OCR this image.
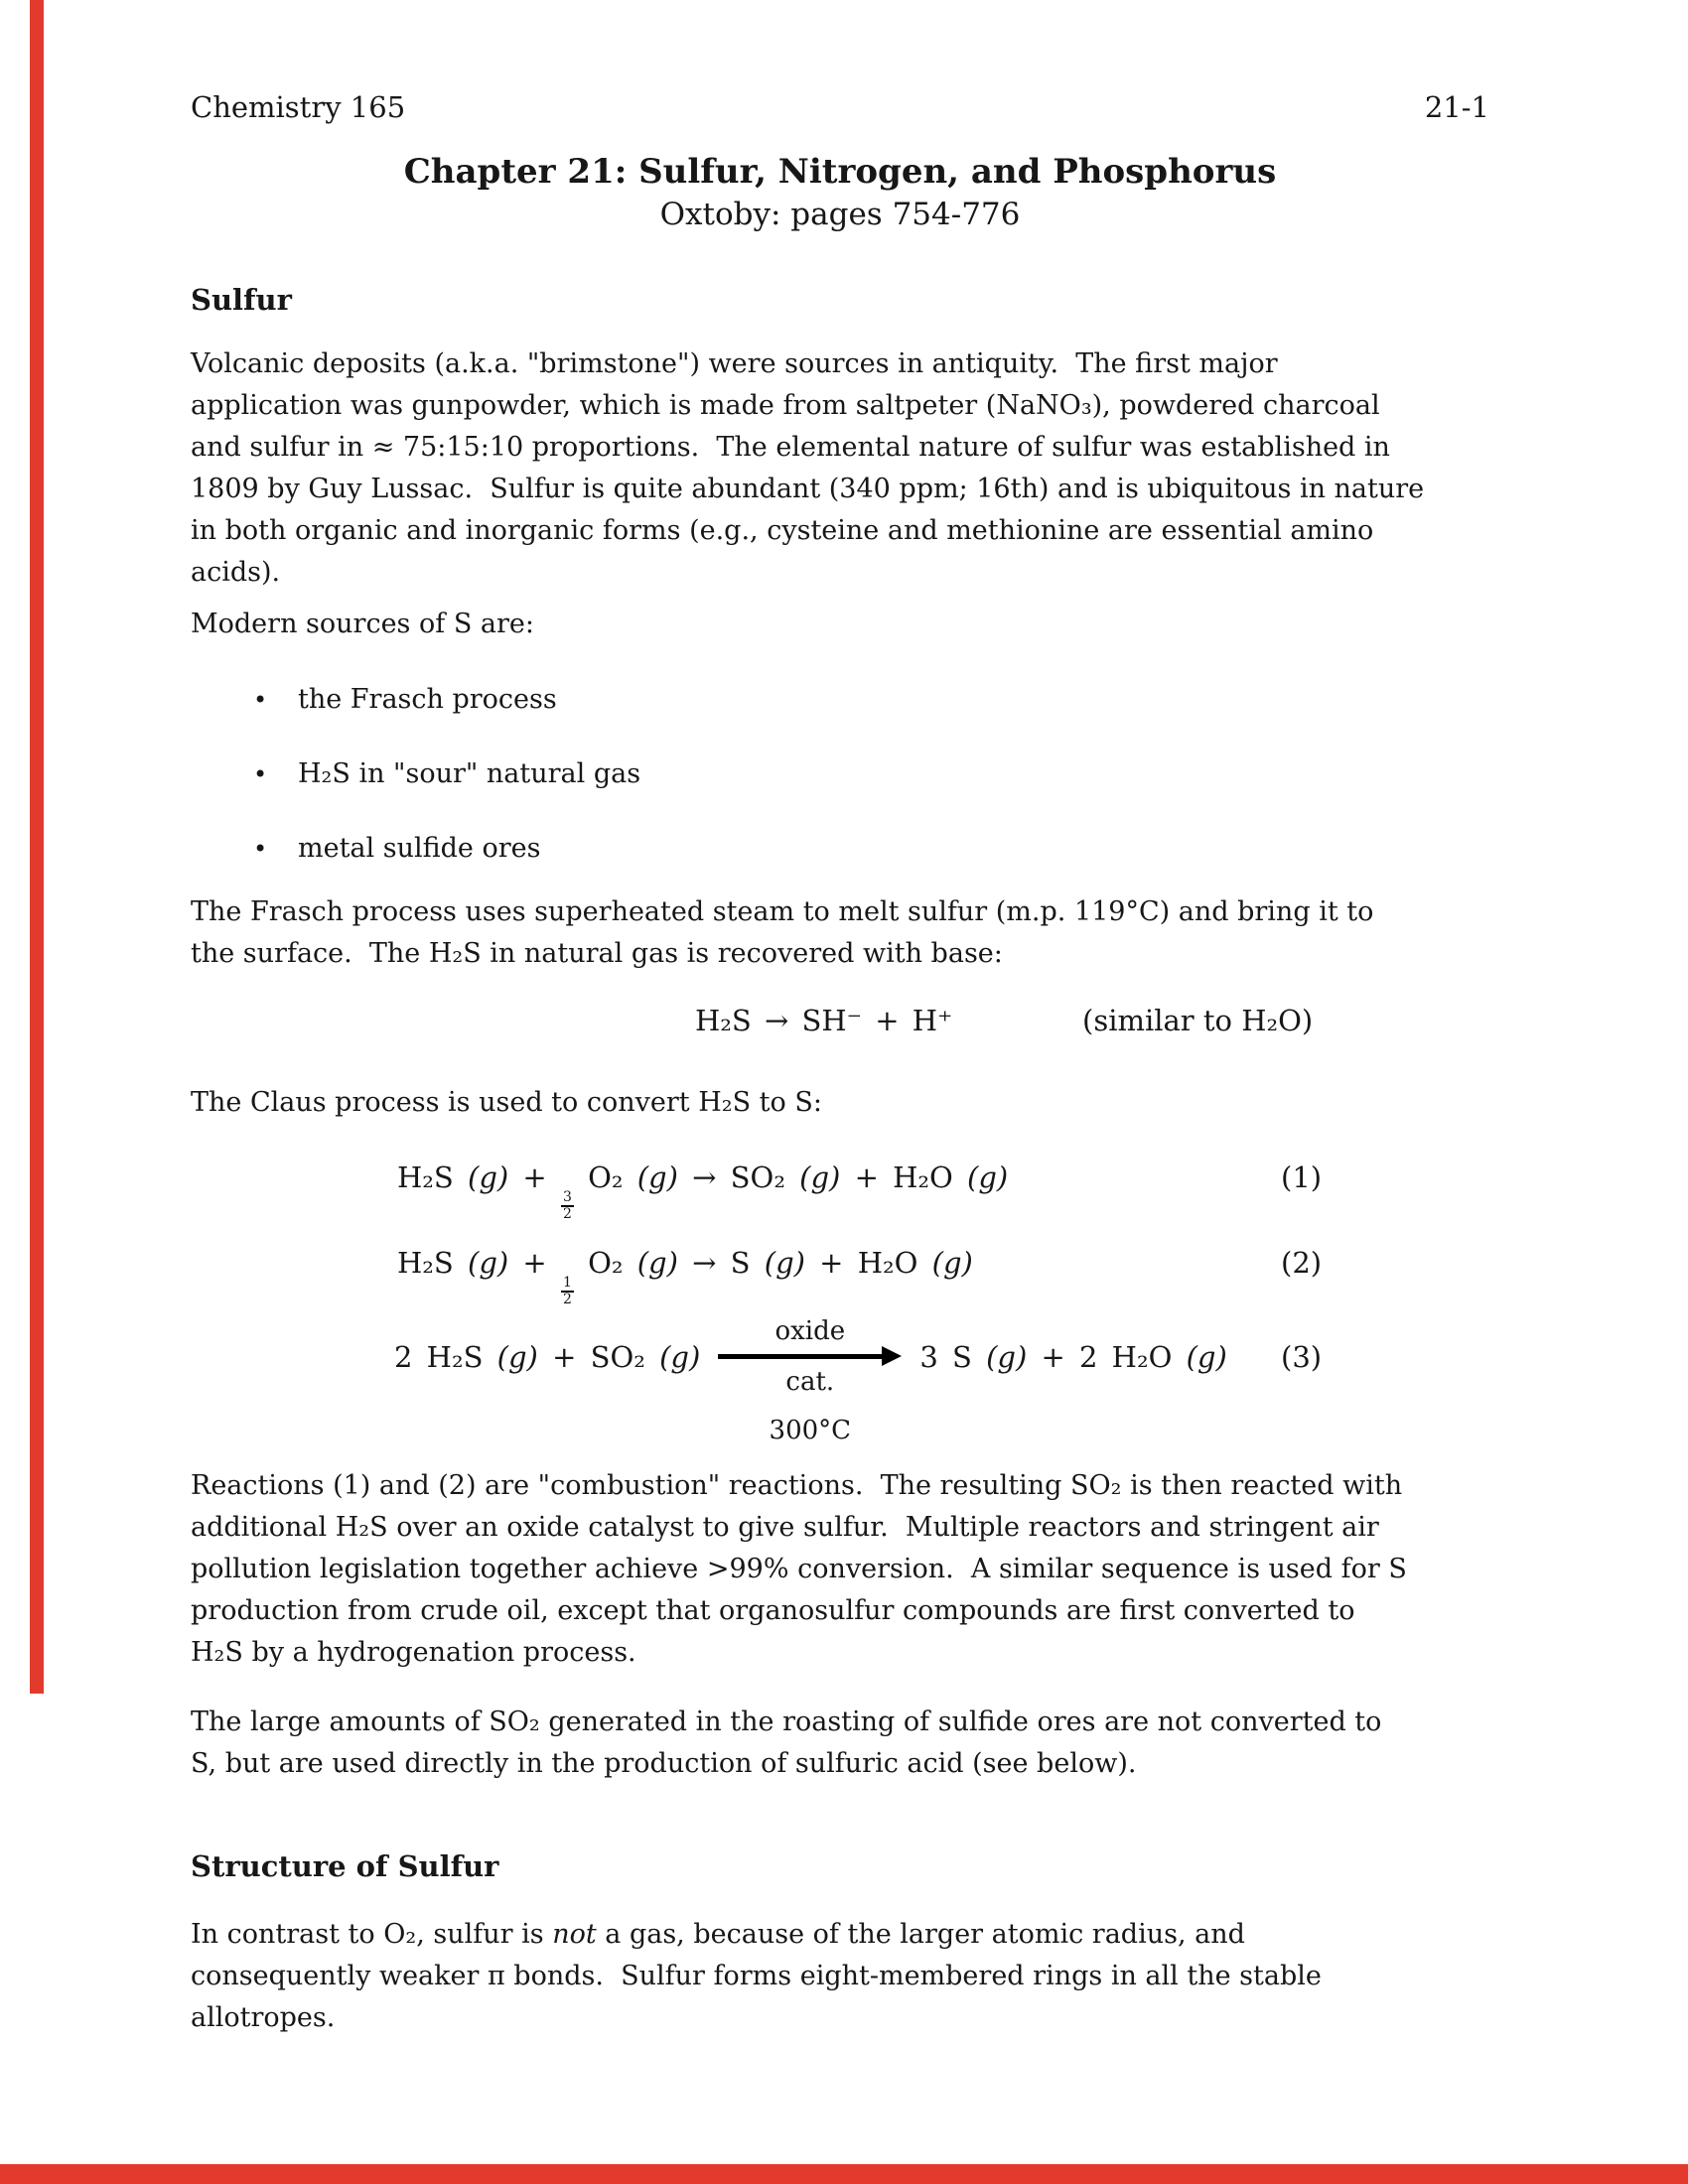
Chemistry 165	21-1
Chapter 21: Sulfur, Nitrogen, and Phosphorus
Oxtoby: pages 754-776
Sulfur

Volcanic deposits (a.k.a. "brimstone") were sources in antiquity.  The first major
application was gunpowder, which is made from saltpeter (NaNO₃), powdered charcoal
and sulfur in ≈ 75:15:10 proportions.  The elemental nature of sulfur was established in
1809 by Guy Lussac.  Sulfur is quite abundant (340 ppm; 16th) and is ubiquitous in nature
in both organic and inorganic forms (e.g., cysteine and methionine are essential amino
acids).

Modern sources of S are:

•	the Frasch process
•	H₂S in "sour" natural gas
•	metal sulfide ores

The Frasch process uses superheated steam to melt sulfur (m.p. 119°C) and bring it to
the surface.  The H₂S in natural gas is recovered with base:

H₂S → SH⁻ + H⁺	(similar to H₂O)

The Claus process is used to convert H₂S to S:

H₂S (g) +
$\frac{3}{2}$
O₂ (g) → SO₂ (g) + H₂O (g)	(1)
H₂S (g) +
$\frac{1}{2}$
O₂ (g) → S (g) + H₂O (g)	(2)
2 H₂S (g) + SO₂ (g)
oxide
cat.
300°C
3 S (g) + 2 H₂O (g) (3)

Reactions (1) and (2) are "combustion" reactions.  The resulting SO₂ is then reacted with
additional H₂S over an oxide catalyst to give sulfur.  Multiple reactors and stringent air
pollution legislation together achieve >99% conversion.  A similar sequence is used for S
production from crude oil, except that organosulfur compounds are first converted to
H₂S by a hydrogenation process.

The large amounts of SO₂ generated in the roasting of sulfide ores are not converted to
S, but are used directly in the production of sulfuric acid (see below).

Structure of Sulfur

In contrast to O₂, sulfur is not a gas, because of the larger atomic radius, and
consequently weaker π bonds.  Sulfur forms eight-membered rings in all the stable
allotropes.
